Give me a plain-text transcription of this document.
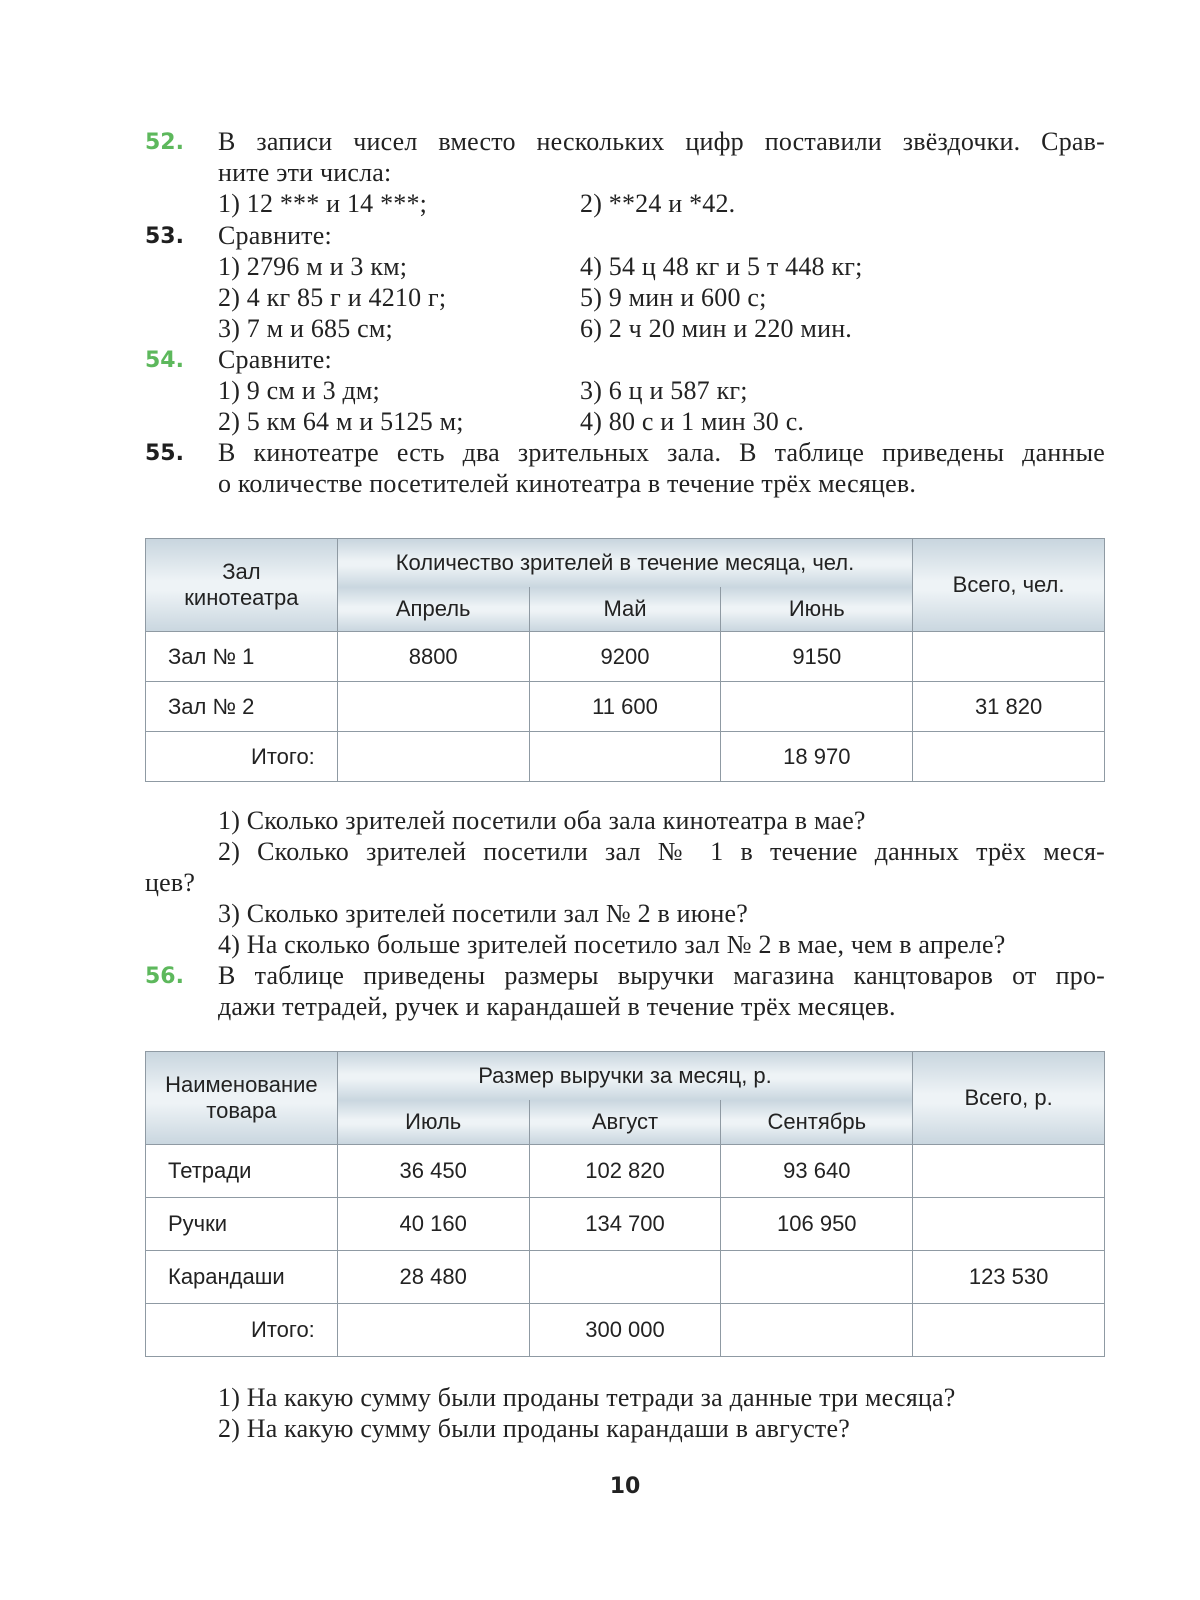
52. В записи чисел вместо нескольких цифр поставили звёздочки. Срав-
ните эти числа:
1) 12 *** и 14 ***;	2) **24 и *42.
53. Сравните:
1) 2796 м и 3 км;	4) 54 ц 48 кг и 5 т 448 кг;
2) 4 кг 85 г и 4210 г;	5) 9 мин и 600 с;
3) 7 м и 685 см;	6) 2 ч 20 мин и 220 мин.
54. Сравните:
1) 9 см и 3 дм;	3) 6 ц и 587 кг;
2) 5 км 64 м и 5125 м;	4) 80 с и 1 мин 30 с.
55. В кинотеатре есть два зрительных зала. В таблице приведены данные
о количестве посетителей кинотеатра в течение трёх месяцев.
Зал
кинотеатра	Количество зрителей в течение месяца, чел.			Всего, чел.
	Апрель	Май	Июнь	
Зал № 1	8800	9200	9150	
Зал № 2		11 600		31 820
Итого:			18 970	
1) Сколько зрителей посетили оба зала кинотеатра в мае?
2) Сколько зрителей посетили зал № 1 в течение данных трёх меся-
цев?
3) Сколько зрителей посетили зал № 2 в июне?
4) На сколько больше зрителей посетило зал № 2 в мае, чем в апреле?
56. В таблице приведены размеры выручки магазина канцтоваров от про-
дажи тетрадей, ручек и карандашей в течение трёх месяцев.
Наименование
товара	Размер выручки за месяц, р.			Всего, р.
	Июль	Август	Сентябрь	
Тетради	36 450	102 820	93 640	
Ручки	40 160	134 700	106 950	
Карандаши	28 480			123 530
Итого:		300 000		
1) На какую сумму были проданы тетради за данные три месяца?
2) На какую сумму были проданы карандаши в августе?
10
